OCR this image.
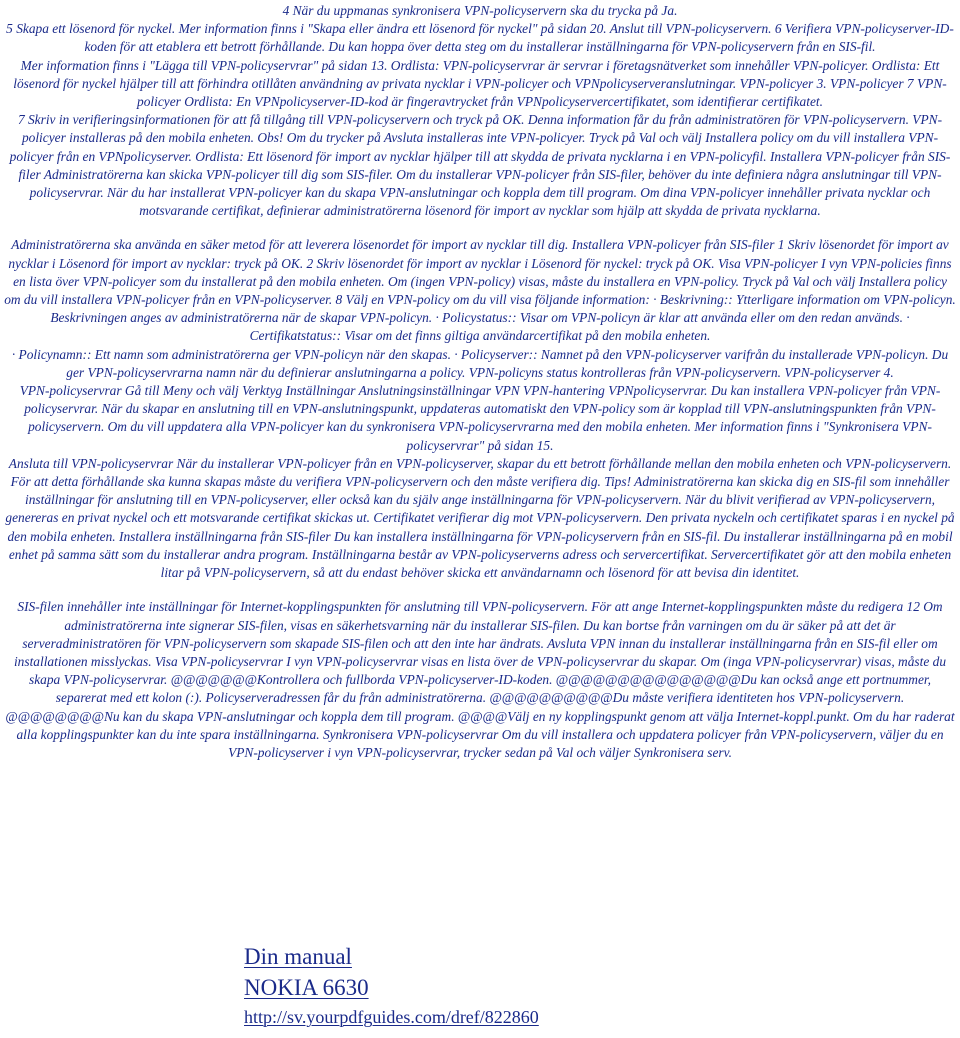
4 När du uppmanas synkronisera VPN-policyservern ska du trycka på Ja.

5 Skapa ett lösenord för nyckel. Mer information finns i "Skapa eller ändra ett lösenord för nyckel" på sidan 20. Anslut till VPN-policyservern. 6 Verifiera VPN-policyserver-ID-koden för att etablera ett betrott förhållande. Du kan hoppa över detta steg om du installerar inställningarna för VPN-policyservern från en SIS-fil.

Mer information finns i "Lägga till VPN-policyservrar" på sidan 13. Ordlista: VPN-policyservrar är servrar i företagsnätverket som innehåller VPN-policyer. Ordlista: Ett lösenord för nyckel hjälper till att förhindra otillåten användning av privata nycklar i VPN-policyer och VPNpolicyserveranslutningar. VPN-policyer 3. VPN-policyer 7 VPN-policyer Ordlista: En VPNpolicyserver-ID-kod är fingeravtrycket från VPNpolicyservercertifikatet, som identifierar certifikatet.

7 Skriv in verifieringsinformationen för att få tillgång till VPN-policyservern och tryck på OK. Denna information får du från administratören för VPN-policyservern. VPN-policyer installeras på den mobila enheten. Obs! Om du trycker på Avsluta installeras inte VPN-policyer. Tryck på Val och välj Installera policy om du vill installera VPN-policyer från en VPNpolicyserver. Ordlista: Ett lösenord för import av nycklar hjälper till att skydda de privata nycklarna i en VPN-policyfil. Installera VPN-policyer från SIS-filer Administratörerna kan skicka VPN-policyer till dig som SIS-filer. Om du installerar VPN-policyer från SIS-filer, behöver du inte definiera några anslutningar till VPN-policyservrar. När du har installerat VPN-policyer kan du skapa VPN-anslutningar och koppla dem till program. Om dina VPN-policyer innehåller privata nycklar och motsvarande certifikat, definierar administratörerna lösenord för import av nycklar som hjälp att skydda de privata nycklarna.

Administratörerna ska använda en säker metod för att leverera lösenordet för import av nycklar till dig. Installera VPN-policyer från SIS-filer 1 Skriv lösenordet för import av nycklar i Lösenord för import av nycklar: tryck på OK. 2 Skriv lösenordet för import av nycklar i Lösenord för nyckel: tryck på OK. Visa VPN-policyer I vyn VPN-policies finns en lista över VPN-policyer som du installerat på den mobila enheten. Om (ingen VPN-policy) visas, måste du installera en VPN-policy. Tryck på Val och välj Installera policy om du vill installera VPN-policyer från en VPN-policyserver. 8 Välj en VPN-policy om du vill visa följande information: · Beskrivning:: Ytterligare information om VPN-policyn. Beskrivningen anges av administratörerna när de skapar VPN-policyn. · Policystatus:: Visar om VPN-policyn är klar att använda eller om den redan används. · Certifikatstatus:: Visar om det finns giltiga användarcertifikat på den mobila enheten.

· Policynamn:: Ett namn som administratörerna ger VPN-policyn när den skapas. · Policyserver:: Namnet på den VPN-policyserver varifrån du installerade VPN-policyn. Du ger VPN-policyservrarna namn när du definierar anslutningarna a policy. VPN-policyns status kontrolleras från VPN-policyservern. VPN-policyserver 4.

VPN-policyservrar Gå till Meny och välj Verktyg Inställningar Anslutningsinställningar VPN VPN-hantering VPNpolicyservrar. Du kan installera VPN-policyer från VPN-policyservrar. När du skapar en anslutning till en VPN-anslutningspunkt, uppdateras automatiskt den VPN-policy som är kopplad till VPN-anslutningspunkten från VPN-policyservern. Om du vill uppdatera alla VPN-policyer kan du synkronisera VPN-policyservrarna med den mobila enheten. Mer information finns i "Synkronisera VPN-policyservrar" på sidan 15.

Ansluta till VPN-policyservrar När du installerar VPN-policyer från en VPN-policyserver, skapar du ett betrott förhållande mellan den mobila enheten och VPN-policyservern. För att detta förhållande ska kunna skapas måste du verifiera VPN-policyservern och den måste verifiera dig. Tips! Administratörerna kan skicka dig en SIS-fil som innehåller inställningar för anslutning till en VPN-policyserver, eller också kan du själv ange inställningarna för VPN-policyservern. När du blivit verifierad av VPN-policyservern, genereras en privat nyckel och ett motsvarande certifikat skickas ut. Certifikatet verifierar dig mot VPN-policyservern. Den privata nyckeln och certifikatet sparas i en nyckel på den mobila enheten. Installera inställningarna från SIS-filer Du kan installera inställningarna för VPN-policyservern från en SIS-fil. Du installerar inställningarna på en mobil enhet på samma sätt som du installerar andra program. Inställningarna består av VPN-policyserverns adress och servercertifikat. Servercertifikatet gör att den mobila enheten litar på VPN-policyservern, så att du endast behöver skicka ett användarnamn och lösenord för att bevisa din identitet.

SIS-filen innehåller inte inställningar för Internet-kopplingspunkten för anslutning till VPN-policyservern. För att ange Internet-kopplingspunkten måste du redigera 12 Om administratörerna inte signerar SIS-filen, visas en säkerhetsvarning när du installerar SIS-filen. Du kan bortse från varningen om du är säker på att det är serveradministratören för VPN-policyservern som skapade SIS-filen och att den inte har ändrats. Avsluta VPN innan du installerar inställningarna från en SIS-fil eller om installationen misslyckas. Visa VPN-policyservrar I vyn VPN-policyservrar visas en lista över de VPN-policyservrar du skapar. Om (inga VPN-policyservrar) visas, måste du skapa VPN-policyservrar. @@@@@@@Kontrollera och fullborda VPN-policyserver-ID-koden. @@@@@@@@@@@@@@@Du kan också ange ett portnummer, separerat med ett kolon (:). Policyserveradressen får du från administratörerna. @@@@@@@@@@Du måste verifiera identiteten hos VPN-policyservern.

@@@@@@@@Nu kan du skapa VPN-anslutningar och koppla dem till program. @@@@Välj en ny kopplingspunkt genom att välja Internet-koppl.punkt. Om du har raderat alla kopplingspunkter kan du inte spara inställningarna. Synkronisera VPN-policyservrar Om du vill installera och uppdatera policyer från VPN-policyservern, väljer du en VPN-policyserver i vyn VPN-policyservrar, trycker sedan på Val och väljer Synkronisera serv.

Din manual
NOKIA 6630
http://sv.yourpdfguides.com/dref/822860
